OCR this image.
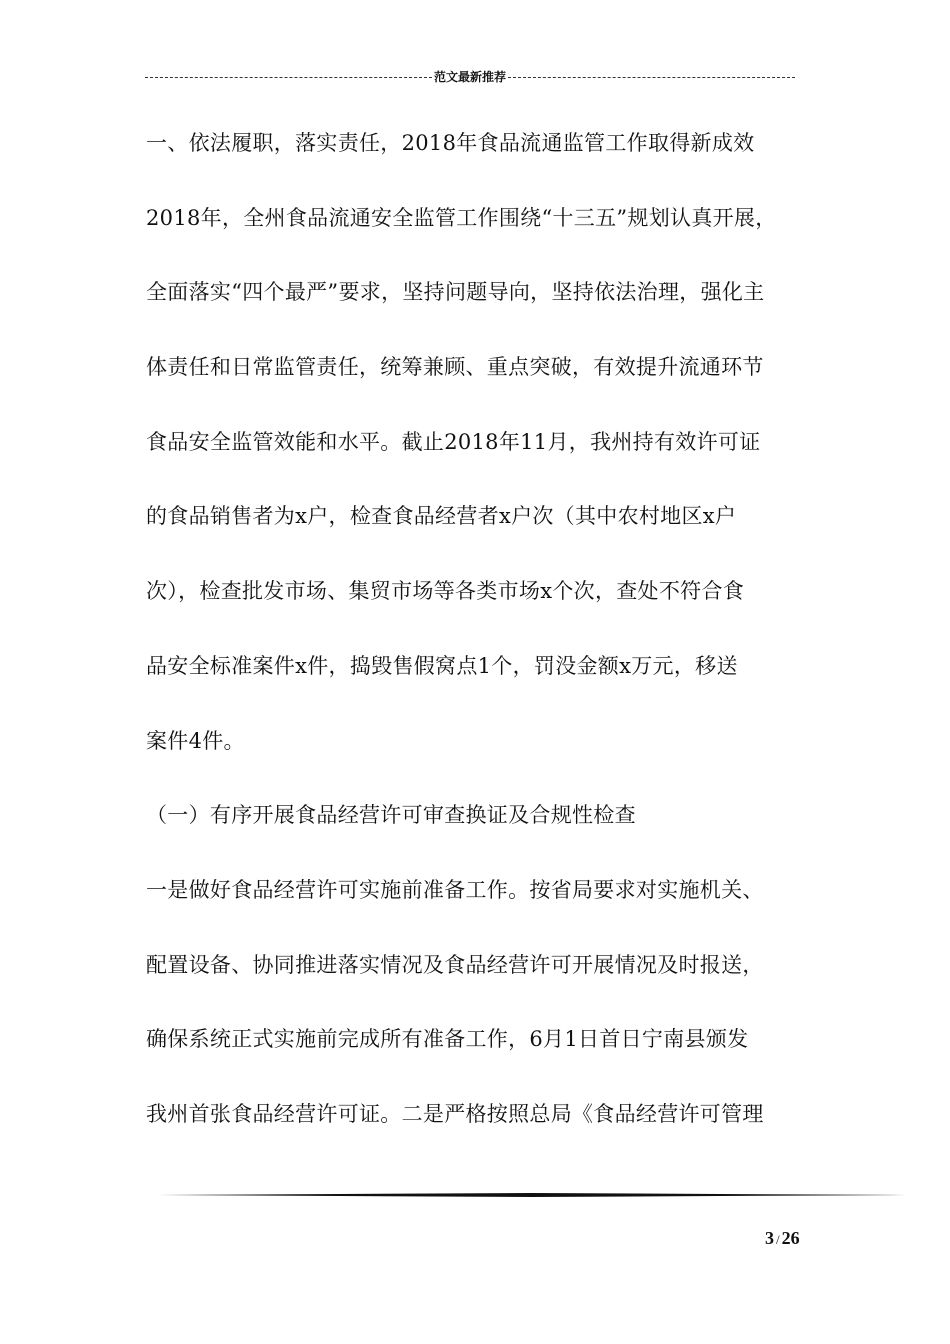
范文最新推荐
一、依法履职，落实责任，2018年食品流通监管工作取得新成效
2018年，全州食品流通安全监管工作围绕“十三五”规划认真开展，
全面落实“四个最严”要求，坚持问题导向，坚持依法治理，强化主
体责任和日常监管责任，统筹兼顾、重点突破，有效提升流通环节
食品安全监管效能和水平。截止2018年11月，我州持有效许可证
的食品销售者为x户，检查食品经营者x户次（其中农村地区x户
次），检查批发市场、集贸市场等各类市场x个次，查处不符合食
品安全标准案件x件，捣毁售假窝点1个，罚没金额x万元，移送
案件4件。
（一）有序开展食品经营许可审查换证及合规性检查
一是做好食品经营许可实施前准备工作。按省局要求对实施机关、
配置设备、协同推进落实情况及食品经营许可开展情况及时报送，
确保系统正式实施前完成所有准备工作，6月1日首日宁南县颁发
我州首张食品经营许可证。二是严格按照总局《食品经营许可管理
3 / 26
